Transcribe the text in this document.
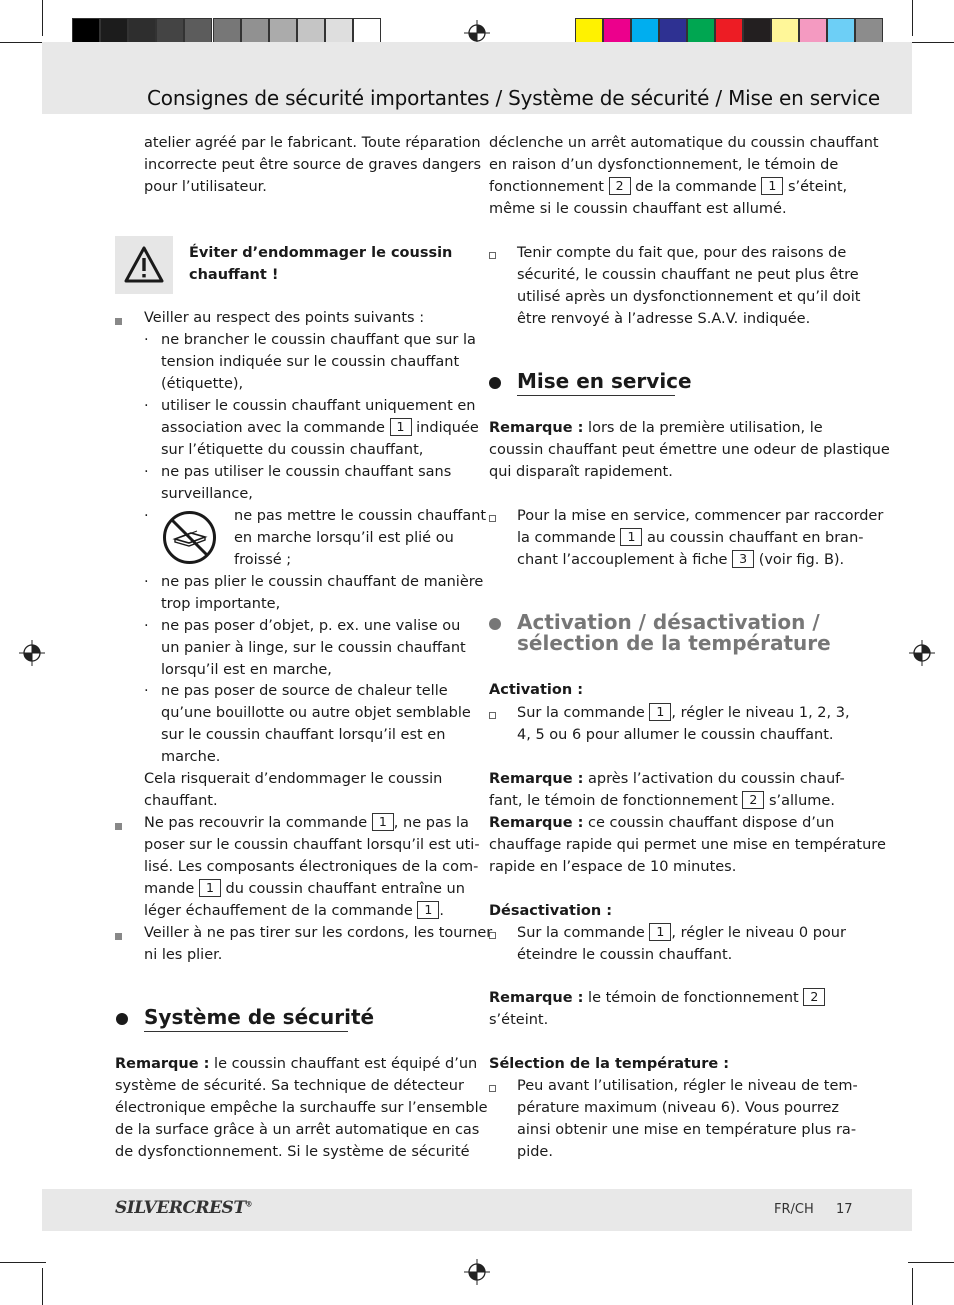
Consignes de sécurité importantes / Système de sécurité / Mise en service

atelier agréé par le fabricant. Toute réparation

incorrecte peut être source de graves dangers

pour l’utilisateur.

Éviter d’endommager le coussin

chauffant !

Veiller au respect des points suivants :

· ne brancher le coussin chauffant que sur la

tension indiquée sur le coussin chauffant

(étiquette),

· utiliser le coussin chauffant uniquement en

association avec la commande 1 indiquée

sur l’étiquette du coussin chauffant,

· ne pas utiliser le coussin chauffant sans

surveillance,

·	ne pas mettre le coussin chauffant

en marche lorsqu’il est plié ou

froissé ;

· ne pas plier le coussin chauffant de manière

trop importante,

· ne pas poser d’objet, p. ex. une valise ou

un panier à linge, sur le coussin chauffant

lorsqu’il est en marche,

· ne pas poser de source de chaleur telle

qu’une bouillotte ou autre objet semblable

sur le coussin chauffant lorsqu’il est en

marche.

Cela risquerait d’endommager le coussin

chauffant.

Ne pas recouvrir la commande 1 , ne pas la

poser sur le coussin chauffant lorsqu’il est uti-

lisé. Les composants électroniques de la com-

mande 1 du coussin chauffant entraîne un

léger échauffement de la commande 1 .

Veiller à ne pas tirer sur les cordons, les tourner

ni les plier.

Système de sécurité

Remarque : le coussin chauffant est équipé d’un

système de sécurité. Sa technique de détecteur

électronique empêche la surchauffe sur l’ensemble

de la surface grâce à un arrêt automatique en cas

de dysfonctionnement. Si le système de sécurité

déclenche un arrêt automatique du coussin chauffant

en raison d’un dysfonctionnement, le témoin de

fonctionnement 2 de la commande 1 s’éteint,

même si le coussin chauffant est allumé.

Tenir compte du fait que, pour des raisons de

sécurité, le coussin chauffant ne peut plus être

utilisé après un dysfonctionnement et qu’il doit

être renvoyé à l’adresse S.A.V. indiquée.

Mise en service

Remarque : lors de la première utilisation, le

coussin chauffant peut émettre une odeur de plastique

qui disparaît rapidement.

Pour la mise en service, commencer par raccorder

la commande 1 au coussin chauffant en bran-

chant l’accouplement à fiche 3 (voir fig. B).

Activation / désactivation /

sélection de la température

Activation :

Sur la commande 1 , régler le niveau 1, 2, 3,

4, 5 ou 6 pour allumer le coussin chauffant.

Remarque : après l’activation du coussin chauf-

fant, le témoin de fonctionnement 2 s’allume.

Remarque : ce coussin chauffant dispose d’un

chauffage rapide qui permet une mise en température

rapide en l’espace de 10 minutes.

Désactivation :

Sur la commande 1 , régler le niveau 0 pour

éteindre le coussin chauffant.

Remarque : le témoin de fonctionnement 2

s’éteint.

Sélection de la température :

Peu avant l’utilisation, régler le niveau de tem-

pérature maximum (niveau 6). Vous pourrez

ainsi obtenir une mise en température plus ra-

pide.

SILVERCREST®	FR/CH 17
